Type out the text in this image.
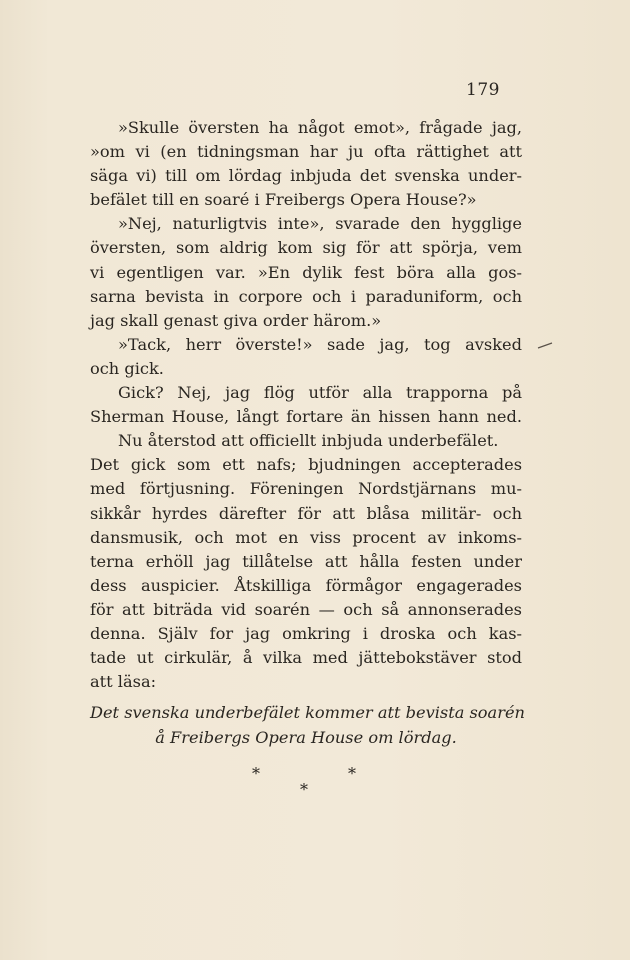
179
»Skulle översten ha något emot», frågade jag,
»om vi (en tidningsman har ju ofta rättighet att
säga vi) till om lördag inbjuda det svenska under-
befälet till en soaré i Freibergs Opera House?»
»Nej, naturligtvis inte», svarade den hygglige
översten, som aldrig kom sig för att spörja, vem
vi egentligen var. »En dylik fest böra alla gos-
sarna bevista in corpore och i paraduniform, och
jag skall genast giva order härom.»
»Tack, herr överste!» sade jag, tog avsked
och gick.
Gick? Nej, jag flög utför alla trapporna på
Sherman House, långt fortare än hissen hann ned.
Nu återstod att officiellt inbjuda underbefälet.
Det gick som ett nafs; bjudningen accepterades
med förtjusning. Föreningen Nordstjärnans mu-
sikkår hyrdes därefter för att blåsa militär- och
dansmusik, och mot en viss procent av inkoms-
terna erhöll jag tillåtelse att hålla festen under
dess auspicier. Åtskilliga förmågor engagerades
för att biträda vid soarén — och så annonserades
denna. Själv for jag omkring i droska och kas-
tade ut cirkulär, å vilka med jättebokstäver stod
att läsa:
Det svenska underbefälet kommer att bevista soarén
å Freibergs Opera House om lördag.
*	*
*
